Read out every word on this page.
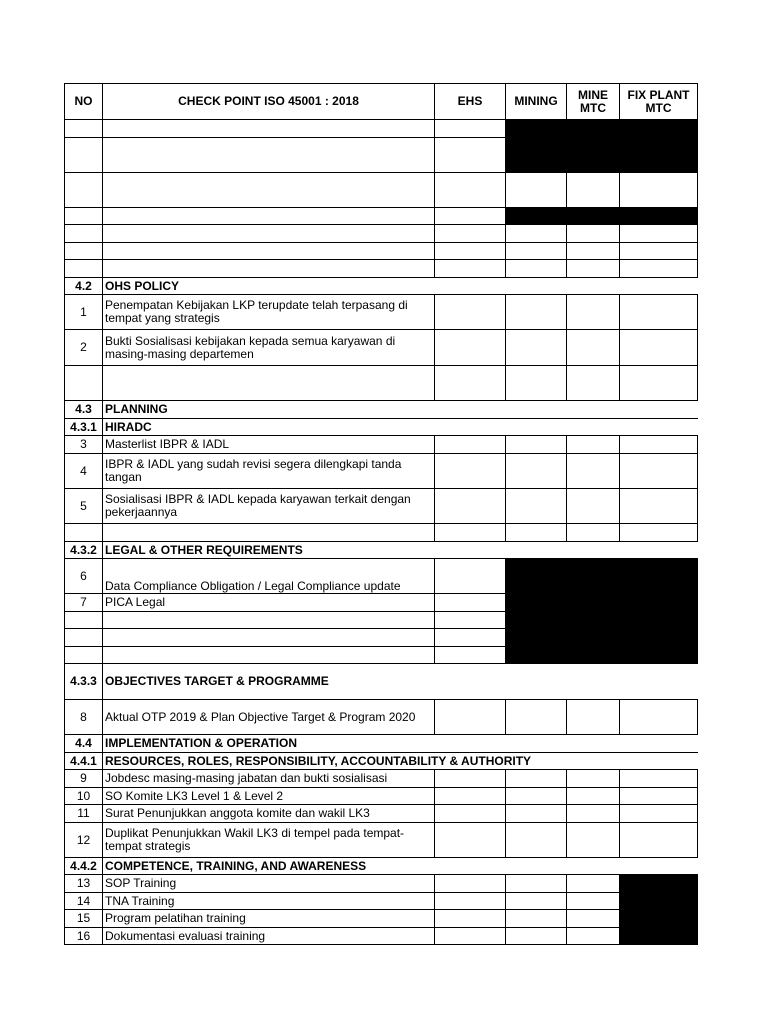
NO	CHECK POINT ISO 45001 : 2018	EHS	MINING	MINE MTC	FIX PLANT MTC

4.2	OHS POLICY				
1	Penempatan Kebijakan LKP terupdate telah terpasang di tempat yang strategis				
2	Bukti Sosialisasi kebijakan kepada semua karyawan di masing-masing departemen				

4.3	PLANNING				
4.3.1	HIRADC				
3	Masterlist IBPR & IADL				
4	IBPR & IADL yang sudah revisi segera dilengkapi tanda tangan				
5	Sosialisasi IBPR & IADL kepada karyawan terkait dengan pekerjaannya				

4.3.2	LEGAL & OTHER REQUIREMENTS				
6	Data Compliance Obligation / Legal Compliance update				
7	PICA Legal				

4.3.3	OBJECTIVES TARGET & PROGRAMME				
8	Aktual OTP 2019 & Plan Objective Target & Program 2020				
4.4	IMPLEMENTATION & OPERATION				
4.4.1	RESOURCES, ROLES, RESPONSIBILITY, ACCOUNTABILITY & AUTHORITY				
9	Jobdesc masing-masing jabatan dan bukti sosialisasi				
10	SO Komite LK3 Level 1 & Level 2				
11	Surat Penunjukkan anggota komite dan wakil LK3				
12	Duplikat Penunjukkan Wakil LK3 di tempel pada tempat-tempat strategis				
4.4.2	COMPETENCE, TRAINING, AND AWARENESS				
13	SOP Training				
14	TNA Training				
15	Program pelatihan training				
16	Dokumentasi evaluasi training				
